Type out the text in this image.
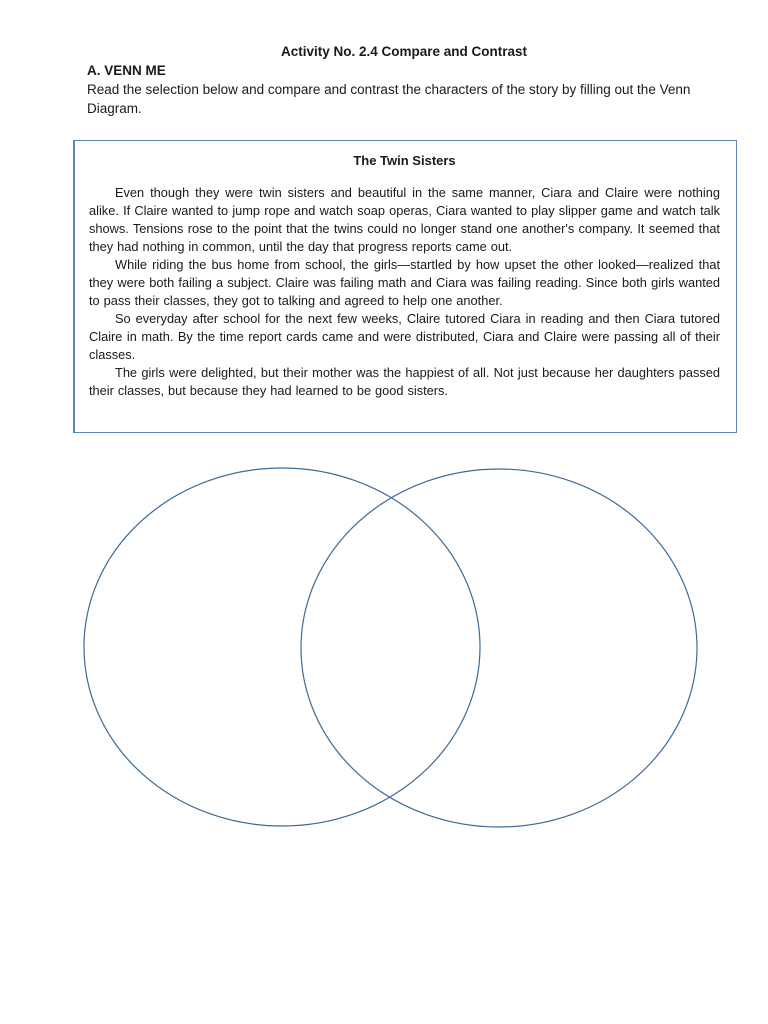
Activity No. 2.4 Compare and Contrast
A. VENN ME

Read the selection below and compare and contrast the characters of the story by filling out the Venn Diagram.

The Twin Sisters

Even though they were twin sisters and beautiful in the same manner, Ciara and Claire were nothing alike. If Claire wanted to jump rope and watch soap operas, Ciara wanted to play slipper game and watch talk shows. Tensions rose to the point that the twins could no longer stand one another's company. It seemed that they had nothing in common, until the day that progress reports came out.

While riding the bus home from school, the girls—startled by how upset the other looked—realized that they were both failing a subject. Claire was failing math and Ciara was failing reading. Since both girls wanted to pass their classes, they got to talking and agreed to help one another.

So everyday after school for the next few weeks, Claire tutored Ciara in reading and then Ciara tutored Claire in math. By the time report cards came and were distributed, Ciara and Claire were passing all of their classes.

The girls were delighted, but their mother was the happiest of all. Not just because her daughters passed their classes, but because they had learned to be good sisters.
